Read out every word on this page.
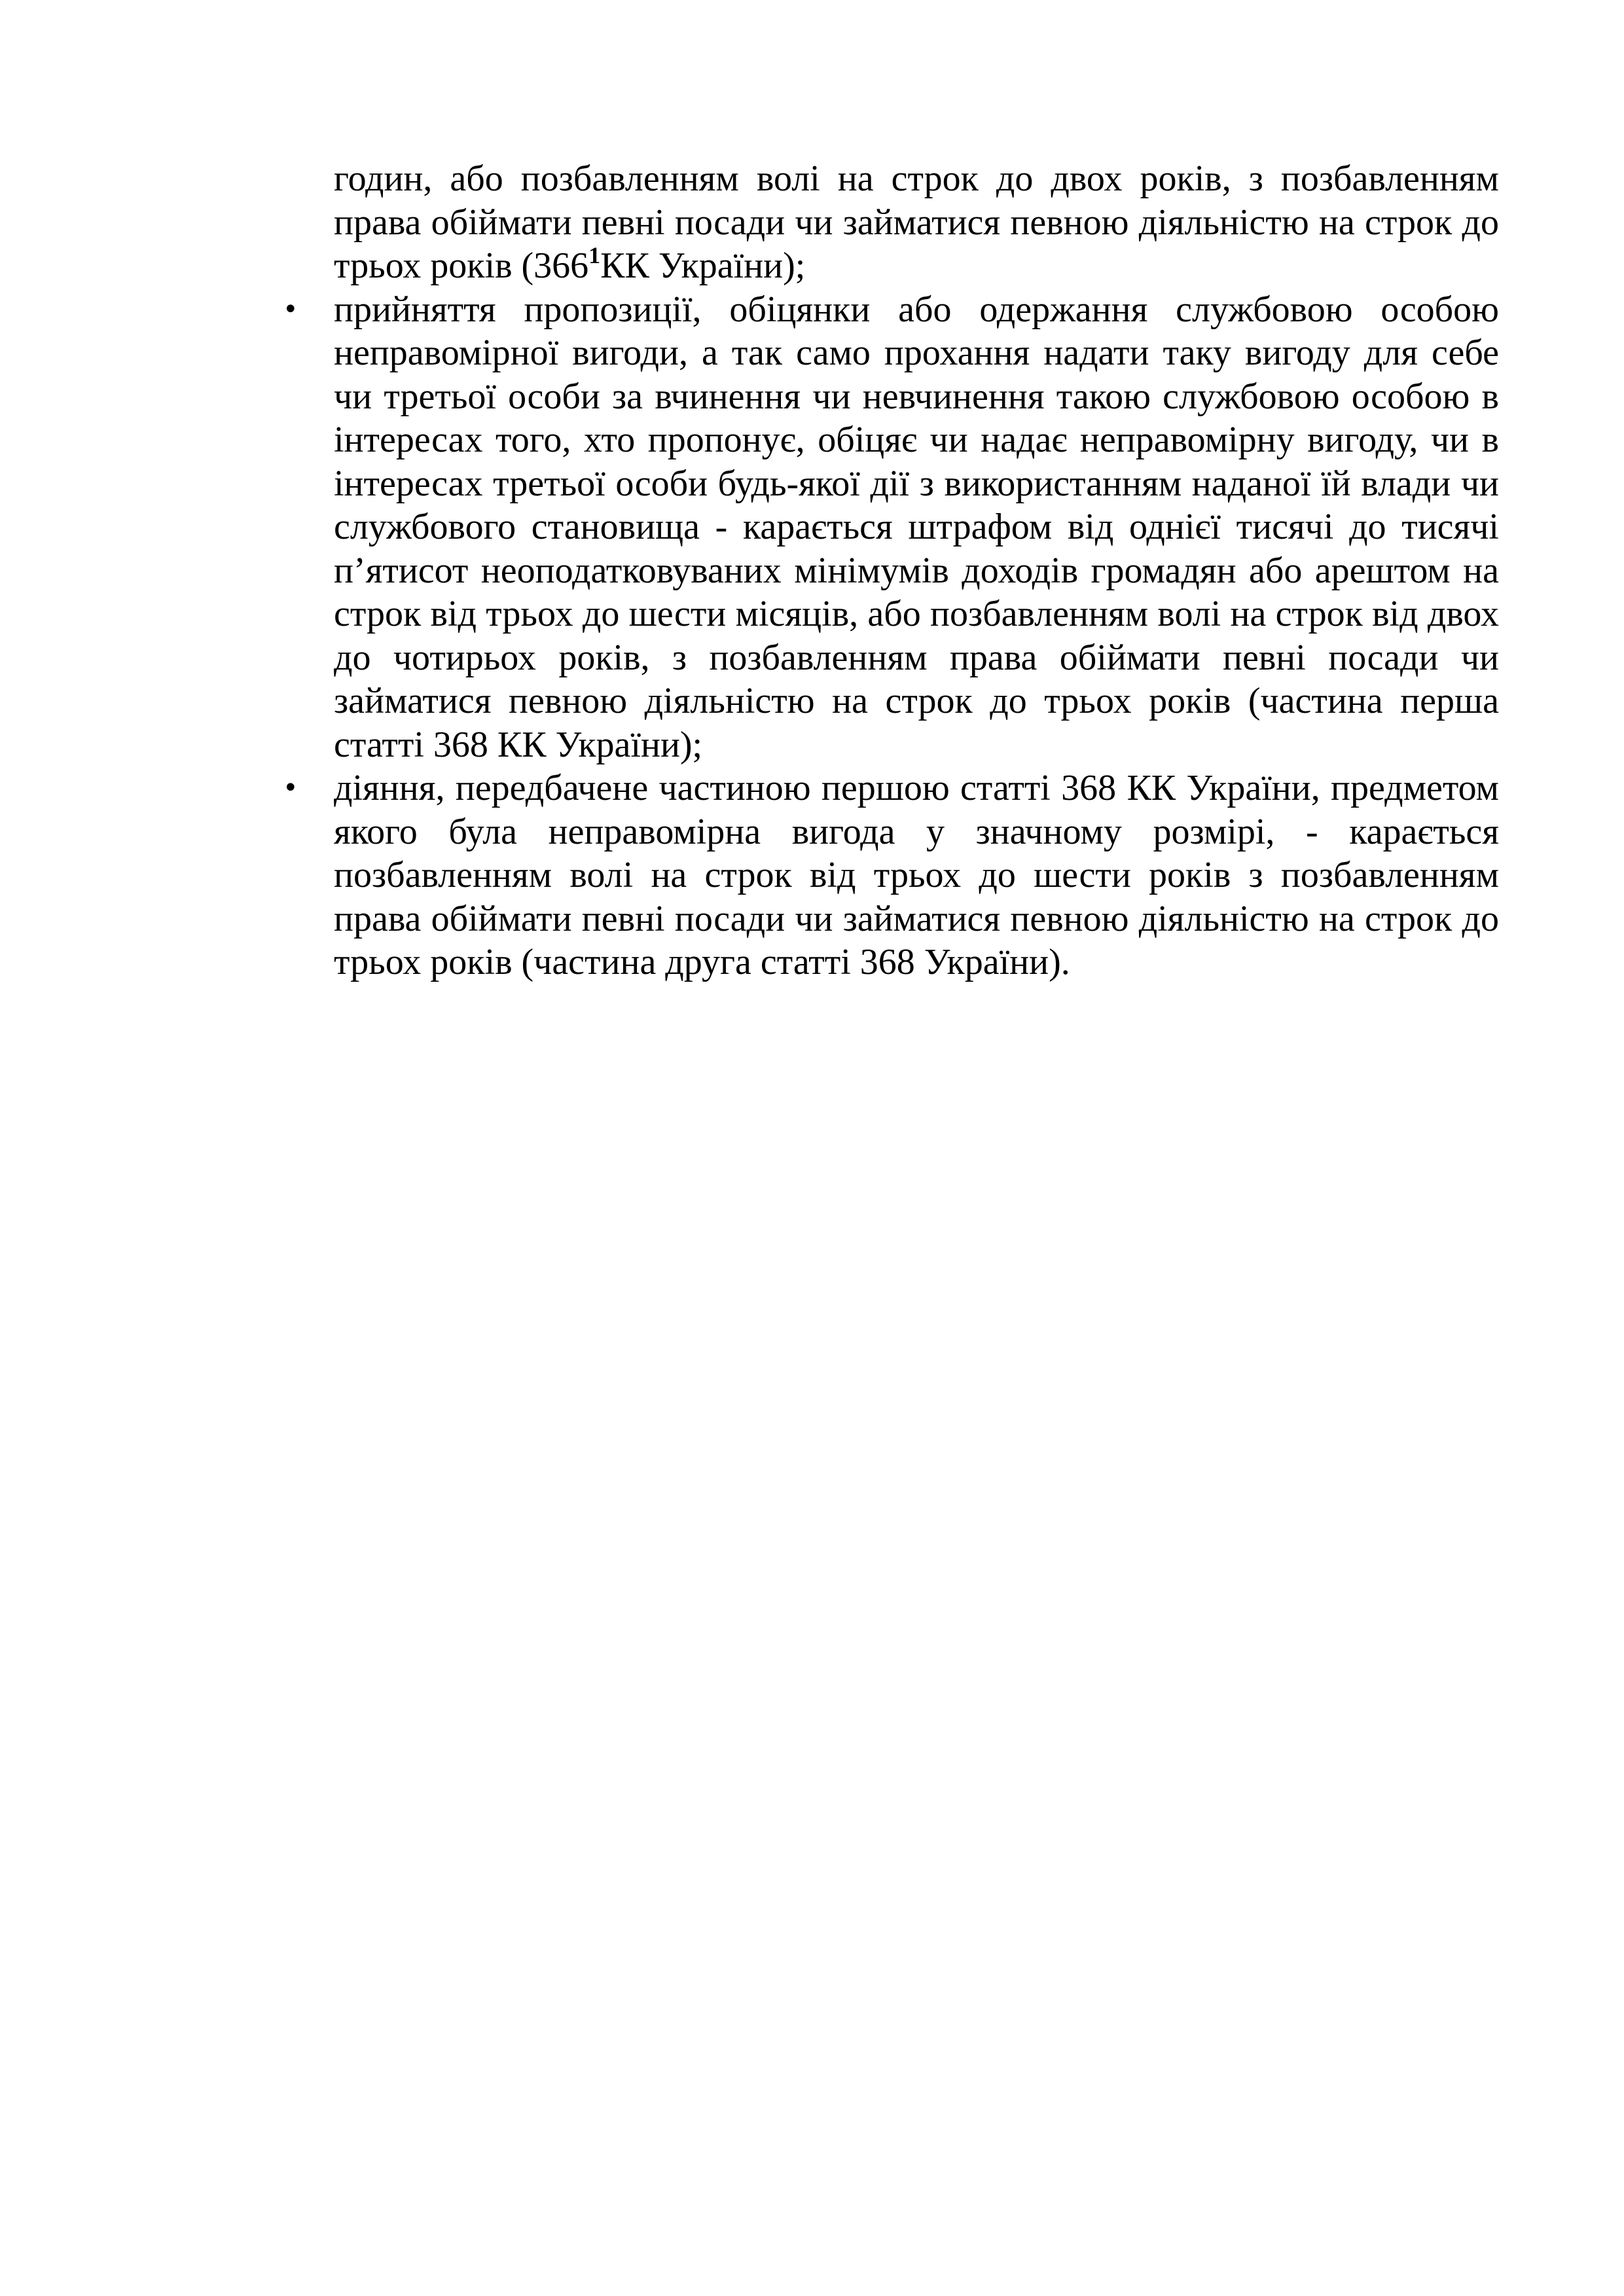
годин, або позбавленням волі на строк до двох років, з позбавленням права обіймати певні посади чи займатися певною діяльністю на строк до трьох років ($366^1КК$ України);

• прийняття пропозиції, обіцянки або одержання службовою особою неправомірної вигоди, а так само прохання надати таку вигоду для себе чи третьої особи за вчинення чи невчинення такою службовою особою в інтересах того, хто пропонує, обіцяє чи надає неправомірну вигоду, чи в інтересах третьої особи будь-якої дії з використанням наданої їй влади чи службового становища - карається штрафом від однієї тисячі до тисячі п’ятисот неоподатковуваних мінімумів доходів громадян або арештом на строк від трьох до шести місяців, або позбавленням волі на строк від двох до чотирьох років, з позбавленням права обіймати певні посади чи займатися певною діяльністю на строк до трьох років (частина перша статті 368 КК України);
• діяння, передбачене частиною першою статті 368 КК України, предметом якого була неправомірна вигода у значному розмірі, - карається позбавленням волі на строк від трьох до шести років з позбавленням права обіймати певні посади чи займатися певною діяльністю на строк до трьох років (частина друга статті 368 України).
